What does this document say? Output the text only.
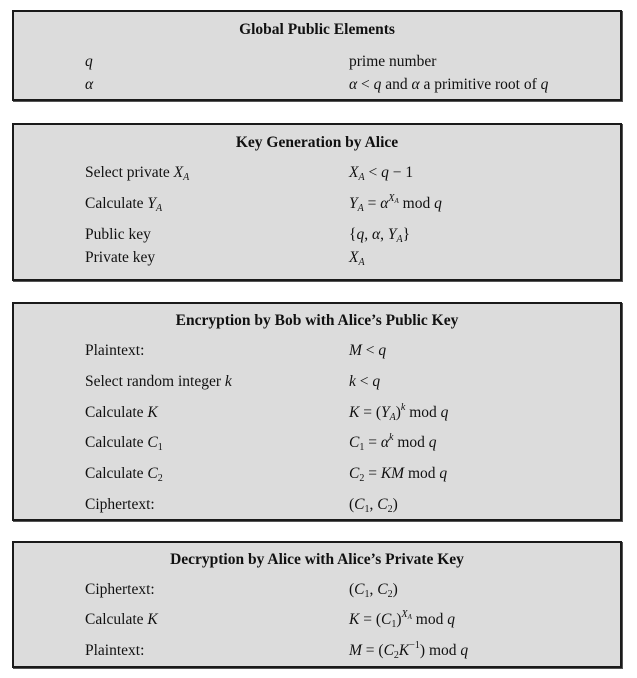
Global Public Elements
q	prime number
α	α < q and α a primitive root of q
Key Generation by Alice
Select private $X_A$	$X_A < q - 1$
Calculate $Y_A$	$Y_A = \alpha^{X_A}$ mod q
Public key	{q, α, $Y_A$}
Private key	$X_A$
Encryption by Bob with Alice’s Public Key
Plaintext:	M < q
Select random integer k	k < q
Calculate K	$K = (Y_A)^k$ mod q
Calculate $C_1$	$C_1 = \alpha^k$ mod q
Calculate $C_2$	$C_2$ = KM mod q
Ciphertext:	($C_1$, $C_2$)
Decryption by Alice with Alice’s Private Key
Ciphertext:	($C_1$, $C_2$)
Calculate K	$K = (C_1)^{X_A}$ mod q
Plaintext:	$M = (C_2K^{-1})$ mod q
